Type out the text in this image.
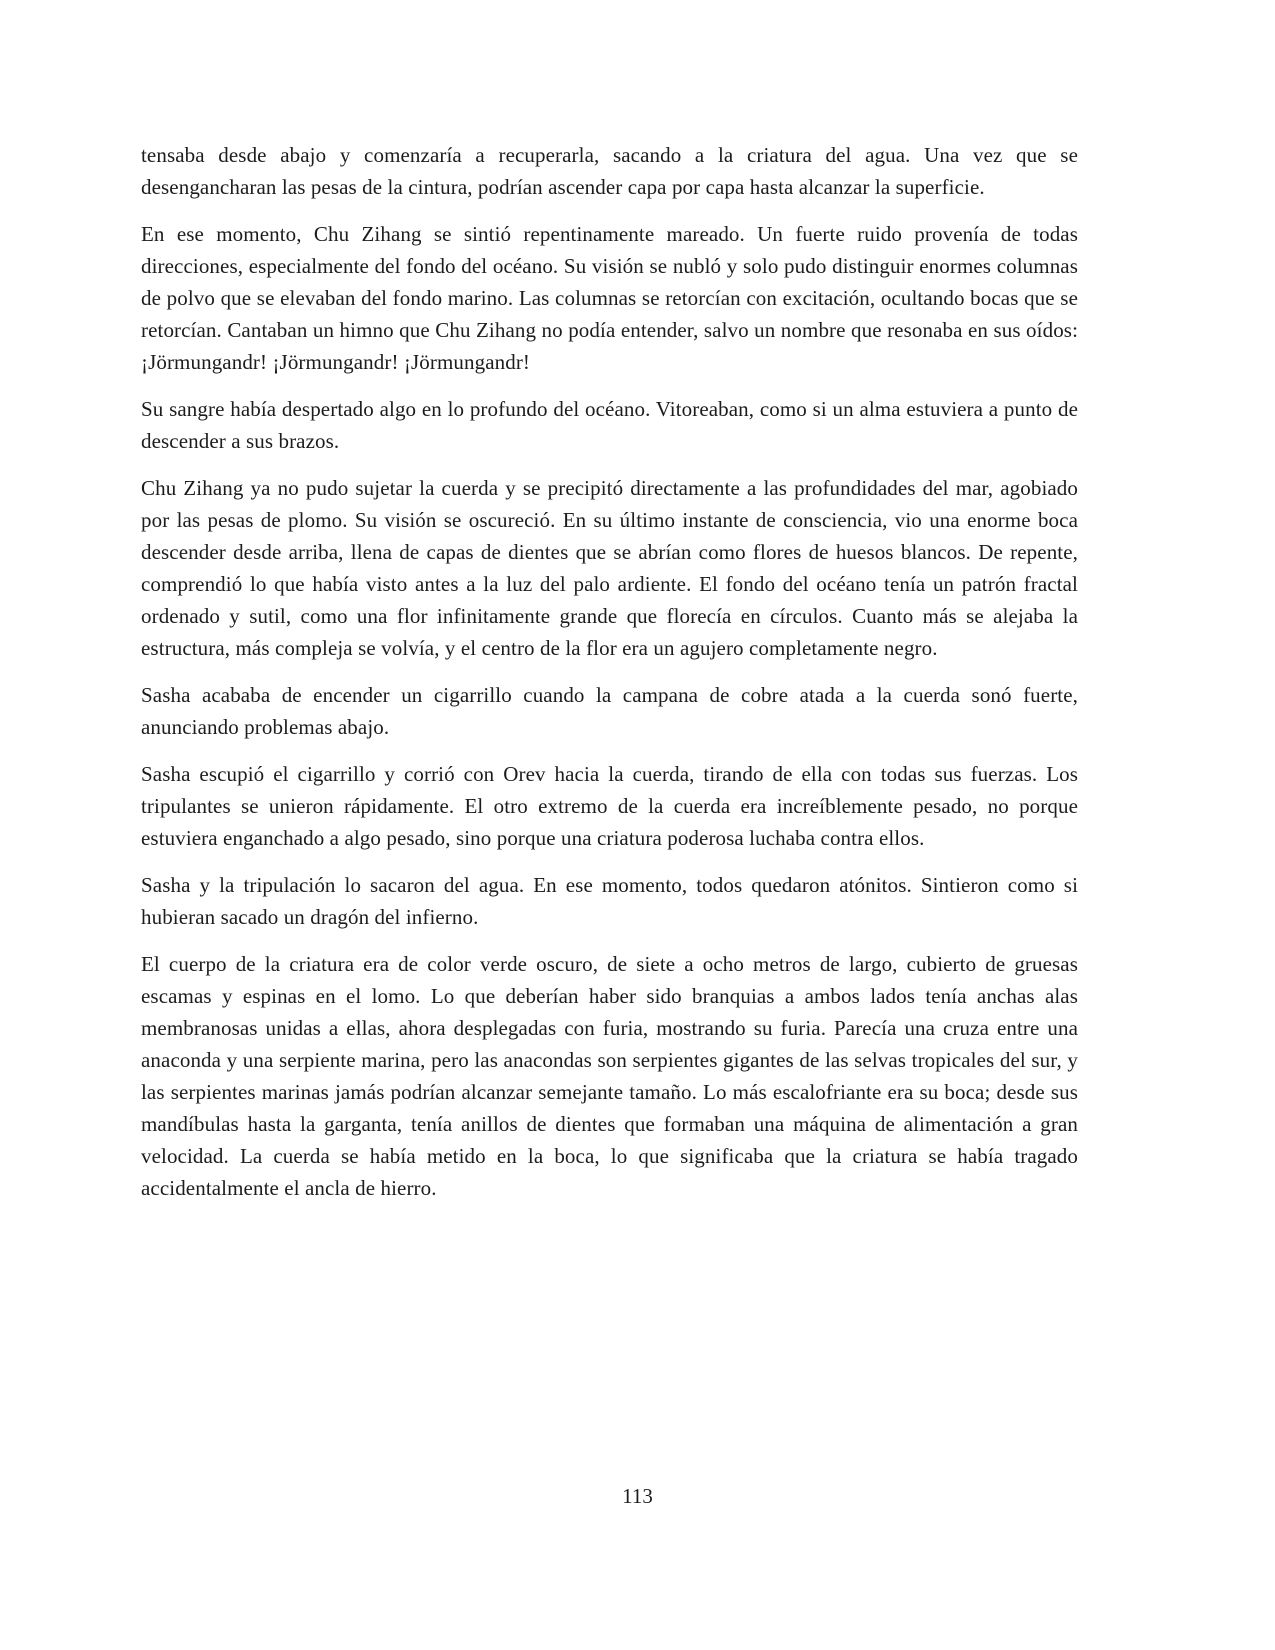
tensaba desde abajo y comenzaría a recuperarla, sacando a la criatura del agua. Una vez que se desengancharan las pesas de la cintura, podrían ascender capa por capa hasta alcanzar la superficie.

En ese momento, Chu Zihang se sintió repentinamente mareado. Un fuerte ruido provenía de todas direcciones, especialmente del fondo del océano. Su visión se nubló y solo pudo distinguir enormes columnas de polvo que se elevaban del fondo marino. Las columnas se retorcían con excitación, ocultando bocas que se retorcían. Cantaban un himno que Chu Zihang no podía entender, salvo un nombre que resonaba en sus oídos: ¡Jörmungandr! ¡Jörmungandr! ¡Jörmungandr!

Su sangre había despertado algo en lo profundo del océano. Vitoreaban, como si un alma estuviera a punto de descender a sus brazos.

Chu Zihang ya no pudo sujetar la cuerda y se precipitó directamente a las profundidades del mar, agobiado por las pesas de plomo. Su visión se oscureció. En su último instante de consciencia, vio una enorme boca descender desde arriba, llena de capas de dientes que se abrían como flores de huesos blancos. De repente, comprendió lo que había visto antes a la luz del palo ardiente. El fondo del océano tenía un patrón fractal ordenado y sutil, como una flor infinitamente grande que florecía en círculos. Cuanto más se alejaba la estructura, más compleja se volvía, y el centro de la flor era un agujero completamente negro.

Sasha acababa de encender un cigarrillo cuando la campana de cobre atada a la cuerda sonó fuerte, anunciando problemas abajo.

Sasha escupió el cigarrillo y corrió con Orev hacia la cuerda, tirando de ella con todas sus fuerzas. Los tripulantes se unieron rápidamente. El otro extremo de la cuerda era increíblemente pesado, no porque estuviera enganchado a algo pesado, sino porque una criatura poderosa luchaba contra ellos.

Sasha y la tripulación lo sacaron del agua. En ese momento, todos quedaron atónitos. Sintieron como si hubieran sacado un dragón del infierno.

El cuerpo de la criatura era de color verde oscuro, de siete a ocho metros de largo, cubierto de gruesas escamas y espinas en el lomo. Lo que deberían haber sido branquias a ambos lados tenía anchas alas membranosas unidas a ellas, ahora desplegadas con furia, mostrando su furia. Parecía una cruza entre una anaconda y una serpiente marina, pero las anacondas son serpientes gigantes de las selvas tropicales del sur, y las serpientes marinas jamás podrían alcanzar semejante tamaño. Lo más escalofriante era su boca; desde sus mandíbulas hasta la garganta, tenía anillos de dientes que formaban una máquina de alimentación a gran velocidad. La cuerda se había metido en la boca, lo que significaba que la criatura se había tragado accidentalmente el ancla de hierro.

113
